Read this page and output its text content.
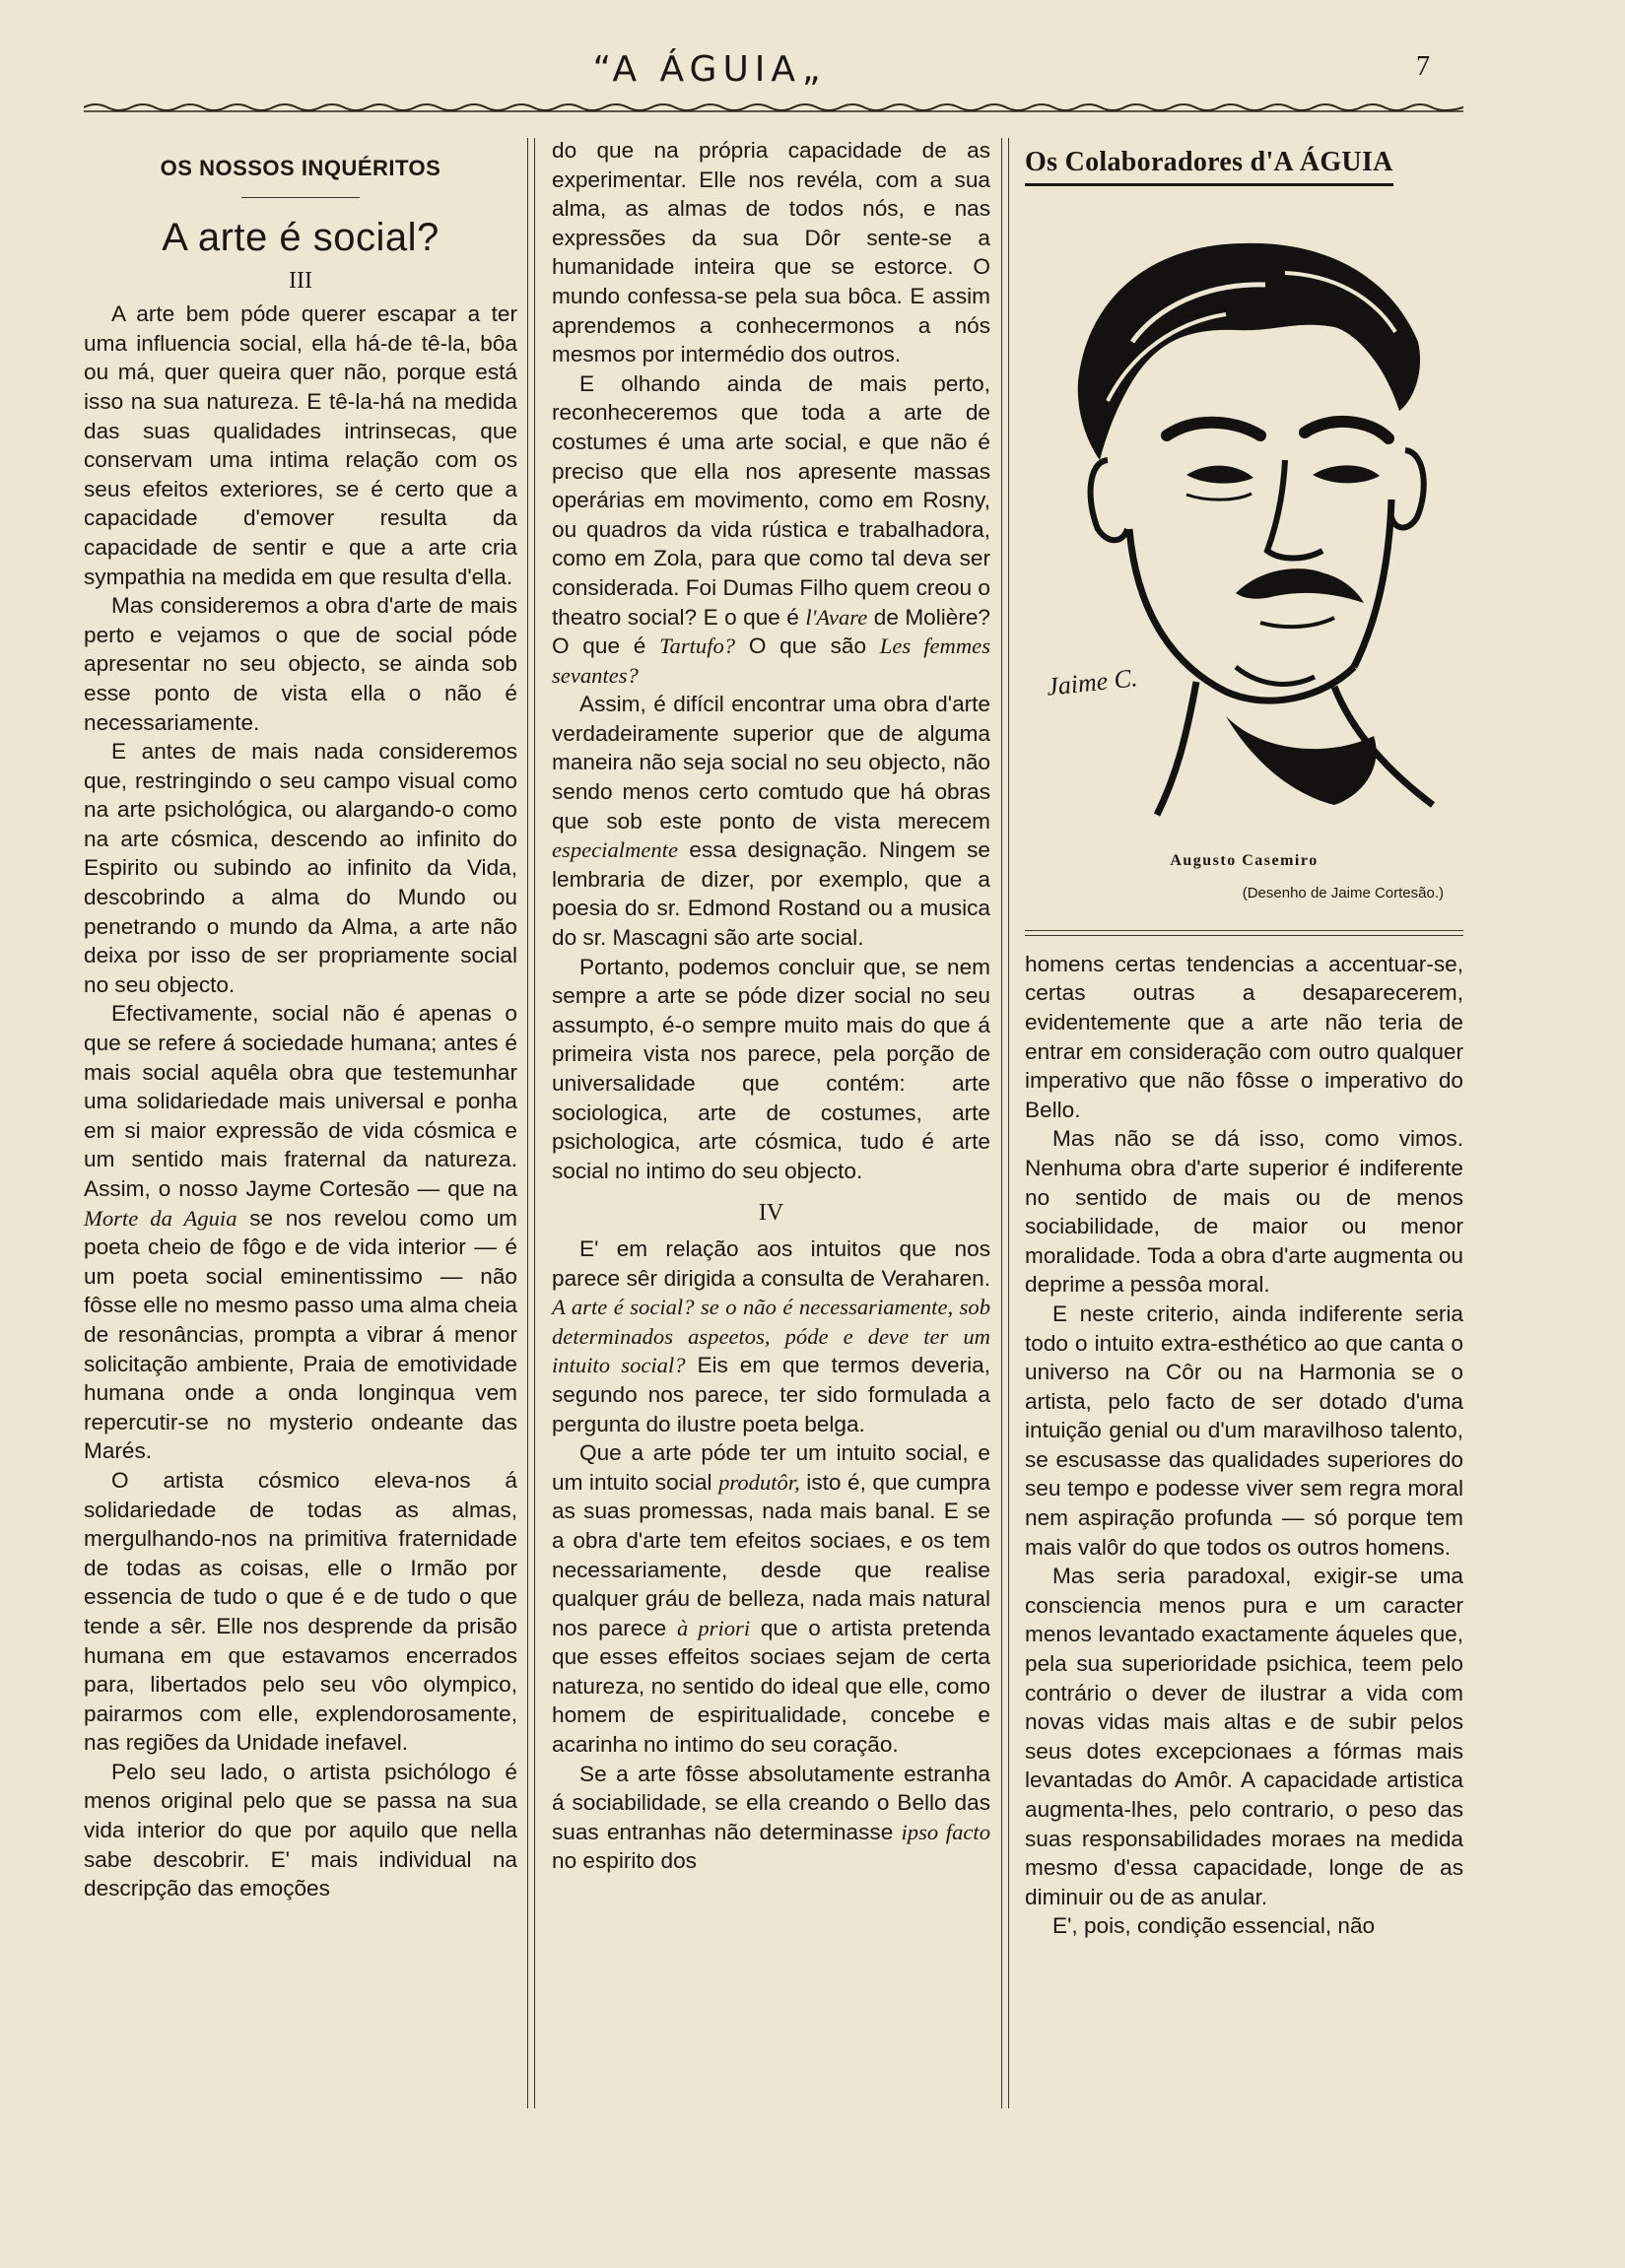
“A ÁGUIA„	7
OS NOSSOS INQUÉRITOS
A arte é social?
III

A arte bem póde querer escapar a ter uma influencia social, ella há-de tê-la, bôa ou má, quer queira quer não, porque está isso na sua natureza. E tê-la-há na medida das suas qualidades intrinsecas, que conservam uma intima relação com os seus efeitos exteriores, se é certo que a capacidade d'emover resulta da capacidade de sentir e que a arte cria sympathia na medida em que resulta d'ella.

Mas consideremos a obra d'arte de mais perto e vejamos o que de social póde apresentar no seu objecto, se ainda sob esse ponto de vista ella o não é necessariamente.

E antes de mais nada consideremos que, restringindo o seu campo visual como na arte psichológica, ou alargando-o como na arte cósmica, descendo ao infinito do Espirito ou subindo ao infinito da Vida, descobrindo a alma do Mundo ou penetrando o mundo da Alma, a arte não deixa por isso de ser propriamente social no seu objecto.

Efectivamente, social não é apenas o que se refere á sociedade humana; antes é mais social aquêla obra que testemunhar uma solidariedade mais universal e ponha em si maior expressão de vida cósmica e um sentido mais fraternal da natureza. Assim, o nosso Jayme Cortesão — que na Morte da Aguia se nos revelou como um poeta cheio de fôgo e de vida interior — é um poeta social eminentissimo — não fôsse elle no mesmo passo uma alma cheia de resonâncias, prompta a vibrar á menor solicitação ambiente, Praia de emotividade humana onde a onda longinqua vem repercutir-se no mysterio ondeante das Marés.

O artista cósmico eleva-nos á solidariedade de todas as almas, mergulhando-nos na primitiva fraternidade de todas as coisas, elle o Irmão por essencia de tudo o que é e de tudo o que tende a sêr. Elle nos desprende da prisão humana em que estavamos encerrados para, libertados pelo seu vôo olympico, pairarmos com elle, explendorosamente, nas regiões da Unidade inefavel.

Pelo seu lado, o artista psichólogo é menos original pelo que se passa na sua vida interior do que por aquilo que nella sabe descobrir. E' mais individual na descripção das emoções

do que na própria capacidade de as experimentar. Elle nos revéla, com a sua alma, as almas de todos nós, e nas expressões da sua Dôr sente-se a humanidade inteira que se estorce. O mundo confessa-se pela sua bôca. E assim aprendemos a conhecermonos a nós mesmos por intermédio dos outros.

E olhando ainda de mais perto, reconheceremos que toda a arte de costumes é uma arte social, e que não é preciso que ella nos apresente massas operárias em movimento, como em Rosny, ou quadros da vida rústica e trabalhadora, como em Zola, para que como tal deva ser considerada. Foi Dumas Filho quem creou o theatro social? E o que é l'Avare de Molière? O que é Tartufo? O que são Les femmes sevantes?

Assim, é difícil encontrar uma obra d'arte verdadeiramente superior que de alguma maneira não seja social no seu objecto, não sendo menos certo comtudo que há obras que sob este ponto de vista merecem especialmente essa designação. Ningem se lembraria de dizer, por exemplo, que a poesia do sr. Edmond Rostand ou a musica do sr. Mascagni são arte social.

Portanto, podemos concluir que, se nem sempre a arte se póde dizer social no seu assumpto, é-o sempre muito mais do que á primeira vista nos parece, pela porção de universalidade que contém: arte sociologica, arte de costumes, arte psichologica, arte cósmica, tudo é arte social no intimo do seu objecto.

IV

E' em relação aos intuitos que nos parece sêr dirigida a consulta de Veraharen. A arte é social? se o não é necessariamente, sob determinados aspeetos, póde e deve ter um intuito social? Eis em que termos deveria, segundo nos parece, ter sido formulada a pergunta do ilustre poeta belga.

Que a arte póde ter um intuito social, e um intuito social produtôr, isto é, que cumpra as suas promessas, nada mais banal. E se a obra d'arte tem efeitos sociaes, e os tem necessariamente, desde que realise qualquer gráu de belleza, nada mais natural nos parece à priori que o artista pretenda que esses effeitos sociaes sejam de certa natureza, no sentido do ideal que elle, como homem de espiritualidade, concebe e acarinha no intimo do seu coração.

Se a arte fôsse absolutamente estranha á sociabilidade, se ella creando o Bello das suas entranhas não determinasse ipso facto no espirito dos

Os Colaboradores d'A ÁGUIA
Jaime C.
Augusto Casemiro
(Desenho de Jaime Cortesão.)

homens certas tendencias a accentuar-se, certas outras a desaparecerem, evidentemente que a arte não teria de entrar em consideração com outro qualquer imperativo que não fôsse o imperativo do Bello.

Mas não se dá isso, como vimos. Nenhuma obra d'arte superior é indiferente no sentido de mais ou de menos sociabilidade, de maior ou menor moralidade. Toda a obra d'arte augmenta ou deprime a pessôa moral.

E neste criterio, ainda indiferente seria todo o intuito extra-esthético ao que canta o universo na Côr ou na Harmonia se o artista, pelo facto de ser dotado d'uma intuição genial ou d'um maravilhoso talento, se escusasse das qualidades superiores do seu tempo e podesse viver sem regra moral nem aspiração profunda — só porque tem mais valôr do que todos os outros homens.

Mas seria paradoxal, exigir-se uma consciencia menos pura e um caracter menos levantado exactamente áqueles que, pela sua superioridade psichica, teem pelo contrário o dever de ilustrar a vida com novas vidas mais altas e de subir pelos seus dotes excepcionaes a fórmas mais levantadas do Amôr. A capacidade artistica augmenta-lhes, pelo contrario, o peso das suas responsabilidades moraes na medida mesmo d'essa capacidade, longe de as diminuir ou de as anular.

E', pois, condição essencial, não
